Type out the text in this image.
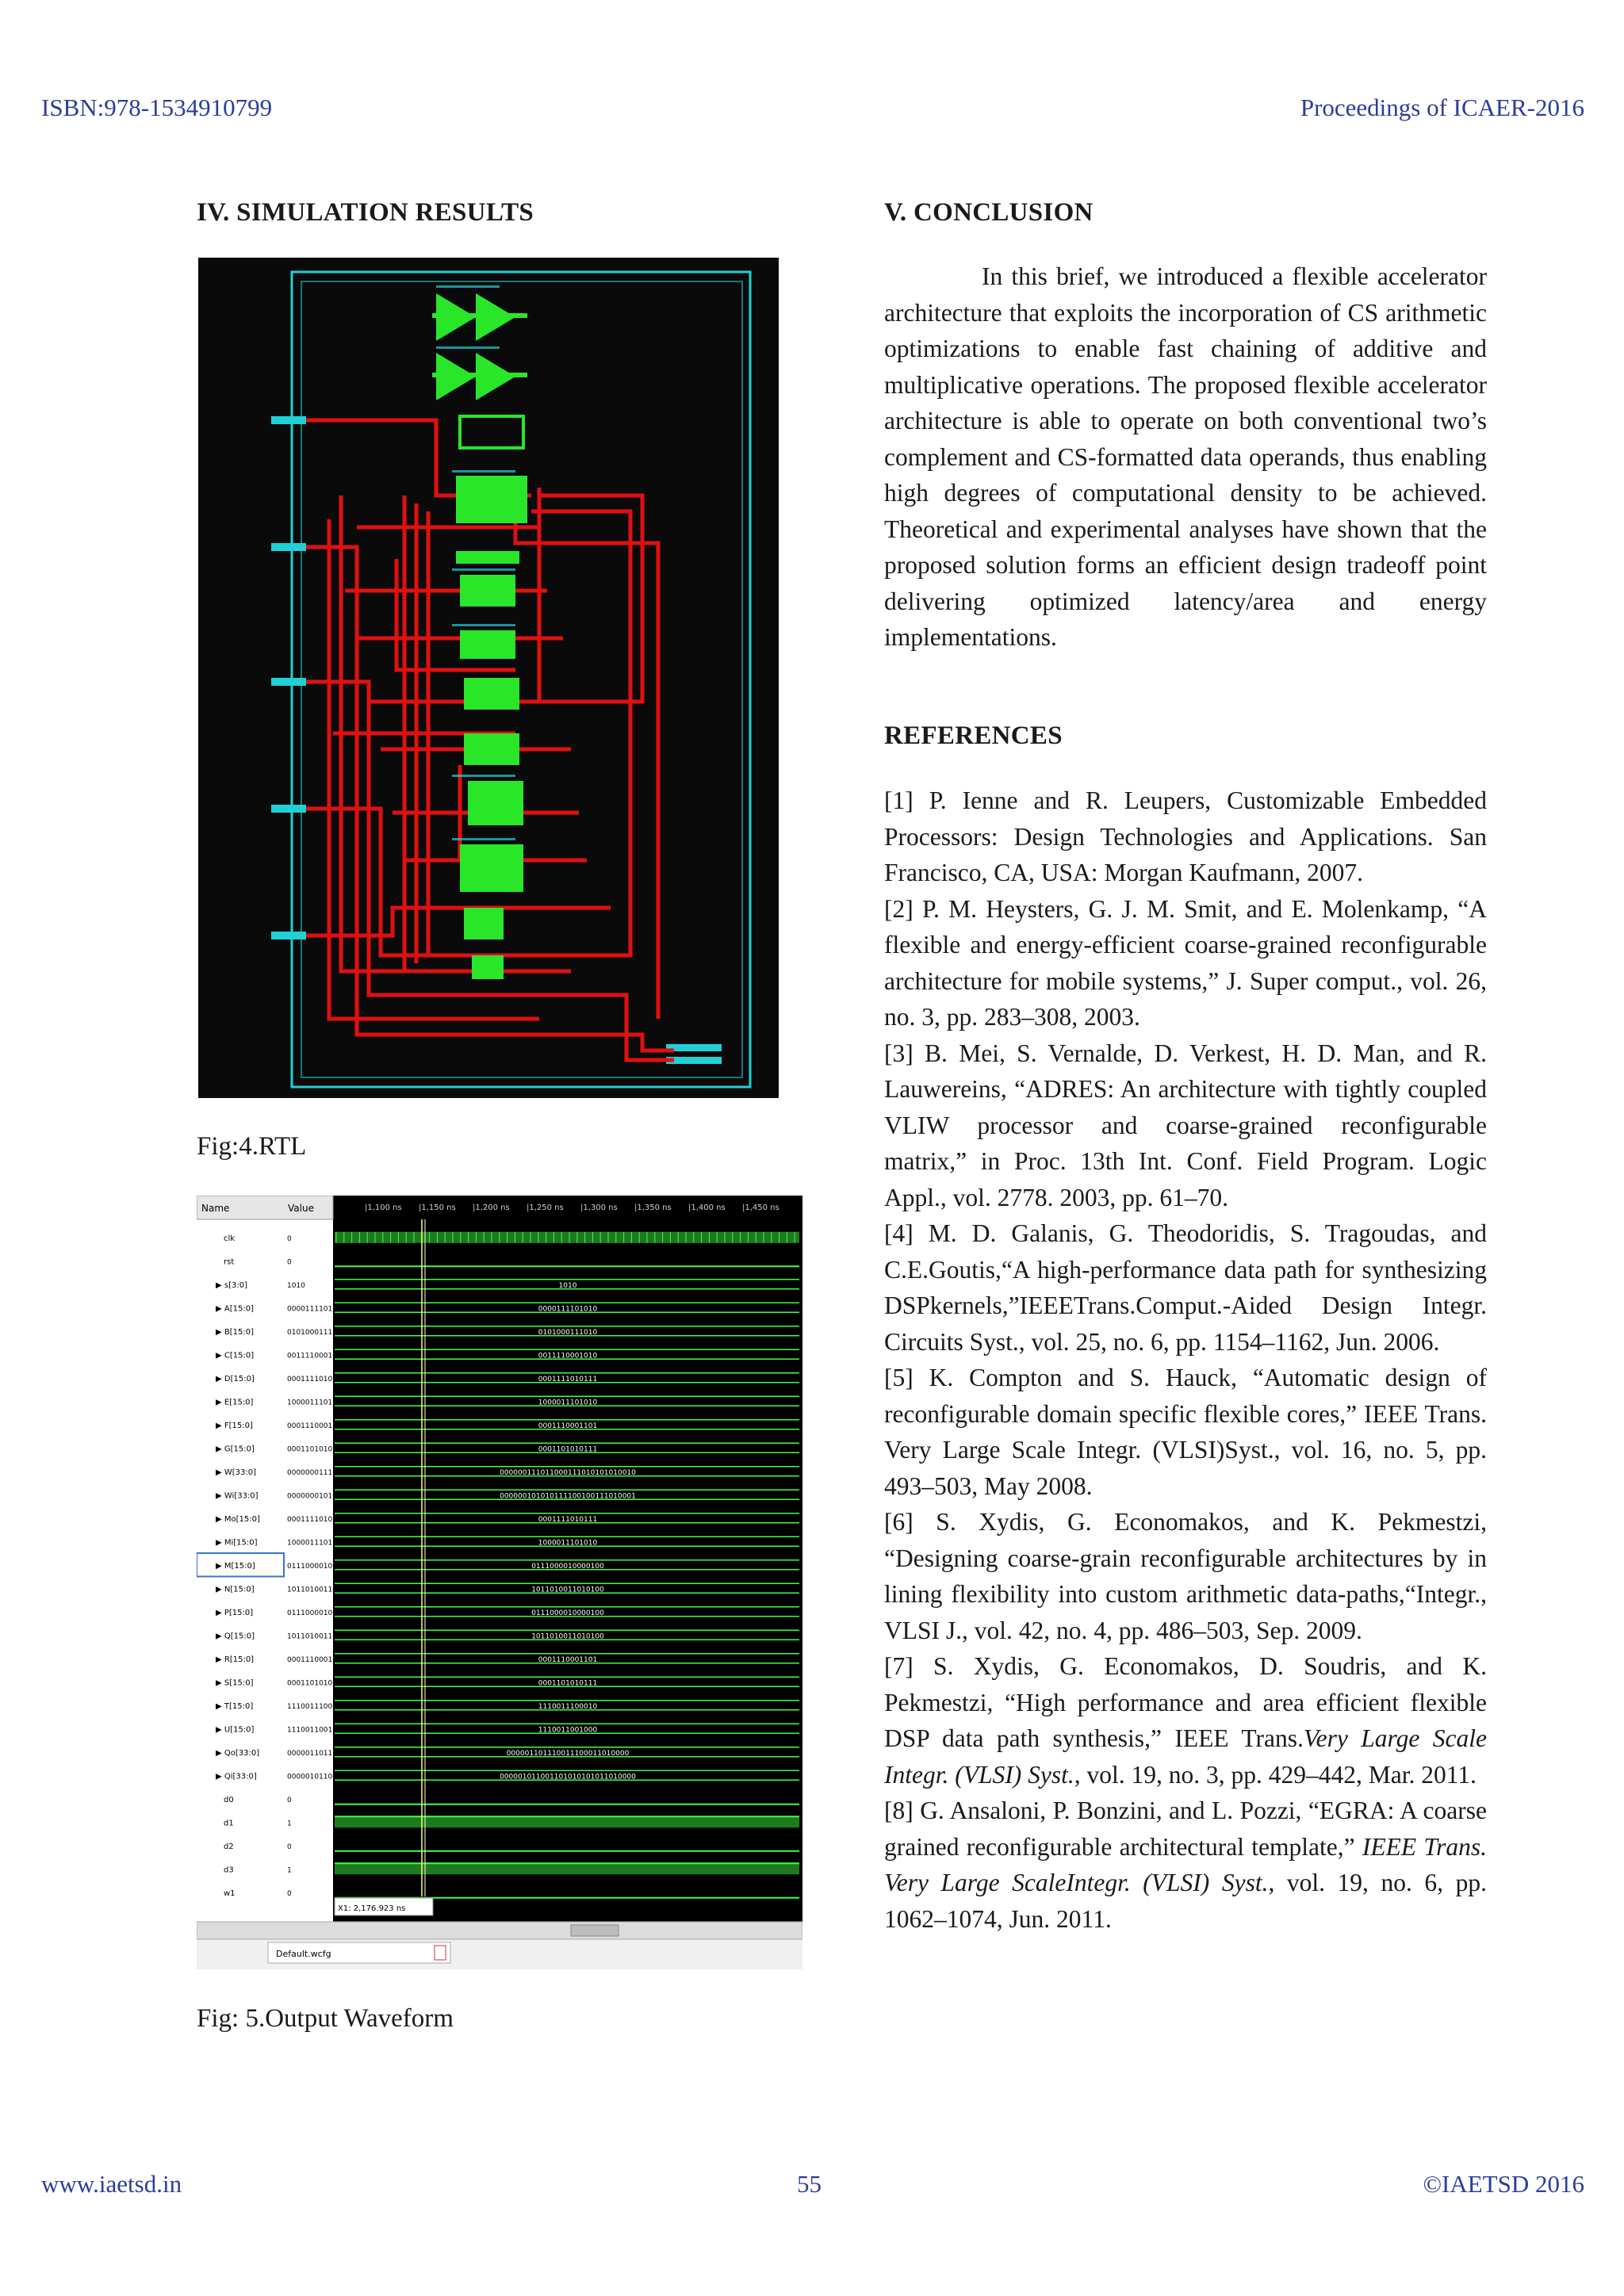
ISBN:978-1534910799	Proceedings of ICAER-2016
IV. SIMULATION RESULTS
Fig:4.RTL
Name	Value	|1,100 ns |1,150 ns |1,200 ns |1,250 ns |1,300 ns |1,350 ns |1,400 ns |1,450 ns
clk	0
rst	0
▶ s[3:0]	1010	1010
▶ A[15:0]	0000111101010	0000111101010
▶ B[15:0]	0101000111010	0101000111010
▶ C[15:0]	0011110001010	0011110001010
▶ D[15:0]	0001111010111	0001111010111
▶ E[15:0]	1000011101010	1000011101010
▶ F[15:0]	0001110001101	0001110001101
▶ G[15:0]	0001101010111	0001101010111
▶ W[33:0]	0000000111011	000000111011000111010101010010
▶ Wi[33:0]	0000000101011	000000101010111100100111010001
▶ Mo[15:0]	0001111010111	0001111010111
▶ Mi[15:0]	1000011101010	1000011101010
▶ M[15:0]	0111000010000	0111000010000100
▶ N[15:0]	1011010011010	1011010011010100
▶ P[15:0]	0111000010000	0111000010000100
▶ Q[15:0]	1011010011010	1011010011010100
▶ R[15:0]	0001110001101	0001110001101
▶ S[15:0]	0001101010111	0001101010111
▶ T[15:0]	1110011100010	1110011100010
▶ U[15:0]	1110011001000	1110011001000
▶ Qo[33:0]	0000011011100	000001101110011100011010000
▶ Qi[33:0]	0000010110011	000001011001101010101011010000
d0	0
d1	1
d2	0
d3	1
w1	0
X1: 2,176.923 ns
Default.wcfg
Fig: 5.Output Waveform
V. CONCLUSION

In this brief, we introduced a flexible accelerator architecture that exploits the incorporation of CS arithmetic optimizations to enable fast chaining of additive and multiplicative operations. The proposed flexible accelerator architecture is able to operate on both conventional two’s complement and CS-formatted data operands, thus enabling high degrees of computational density to be achieved. Theoretical and experimental analyses have shown that the proposed solution forms an efficient design tradeoff point delivering optimized latency/area and energy implementations.

REFERENCES

[1] P. Ienne and R. Leupers, Customizable Embedded Processors: Design Technologies and Applications. San Francisco, CA, USA: Morgan Kaufmann, 2007.

[2] P. M. Heysters, G. J. M. Smit, and E. Molenkamp, “A flexible and energy-efficient coarse-grained reconfigurable architecture for mobile systems,” J. Super comput., vol. 26, no. 3, pp. 283–308, 2003.

[3] B. Mei, S. Vernalde, D. Verkest, H. D. Man, and R. Lauwereins, “ADRES: An architecture with tightly coupled VLIW processor and coarse-grained reconfigurable matrix,” in Proc. 13th Int. Conf. Field Program. Logic Appl., vol. 2778. 2003, pp. 61–70.

[4] M. D. Galanis, G. Theodoridis, S. Tragoudas, and C.E.Goutis,“A high-performance data path for synthesizing DSPkernels,”IEEETrans.Comput.-Aided Design Integr. Circuits Syst., vol. 25, no. 6, pp. 1154–1162, Jun. 2006.

[5] K. Compton and S. Hauck, “Automatic design of reconfigurable domain specific flexible cores,” IEEE Trans. Very Large Scale Integr. (VLSI)Syst., vol. 16, no. 5, pp. 493–503, May 2008.

[6] S. Xydis, G. Economakos, and K. Pekmestzi, “Designing coarse-grain reconfigurable architectures by in lining flexibility into custom arithmetic data-paths,“Integr., VLSI J., vol. 42, no. 4, pp. 486–503, Sep. 2009.

[7] S. Xydis, G. Economakos, D. Soudris, and K. Pekmestzi, “High performance and area efficient flexible DSP data path synthesis,” IEEE Trans.Very Large Scale Integr. (VLSI) Syst., vol. 19, no. 3, pp. 429–442, Mar. 2011.

[8] G. Ansaloni, P. Bonzini, and L. Pozzi, “EGRA: A coarse grained reconfigurable architectural template,” IEEE Trans. Very Large ScaleIntegr. (VLSI) Syst., vol. 19, no. 6, pp. 1062–1074, Jun. 2011.

www.iaetsd.in	55	©IAETSD 2016
